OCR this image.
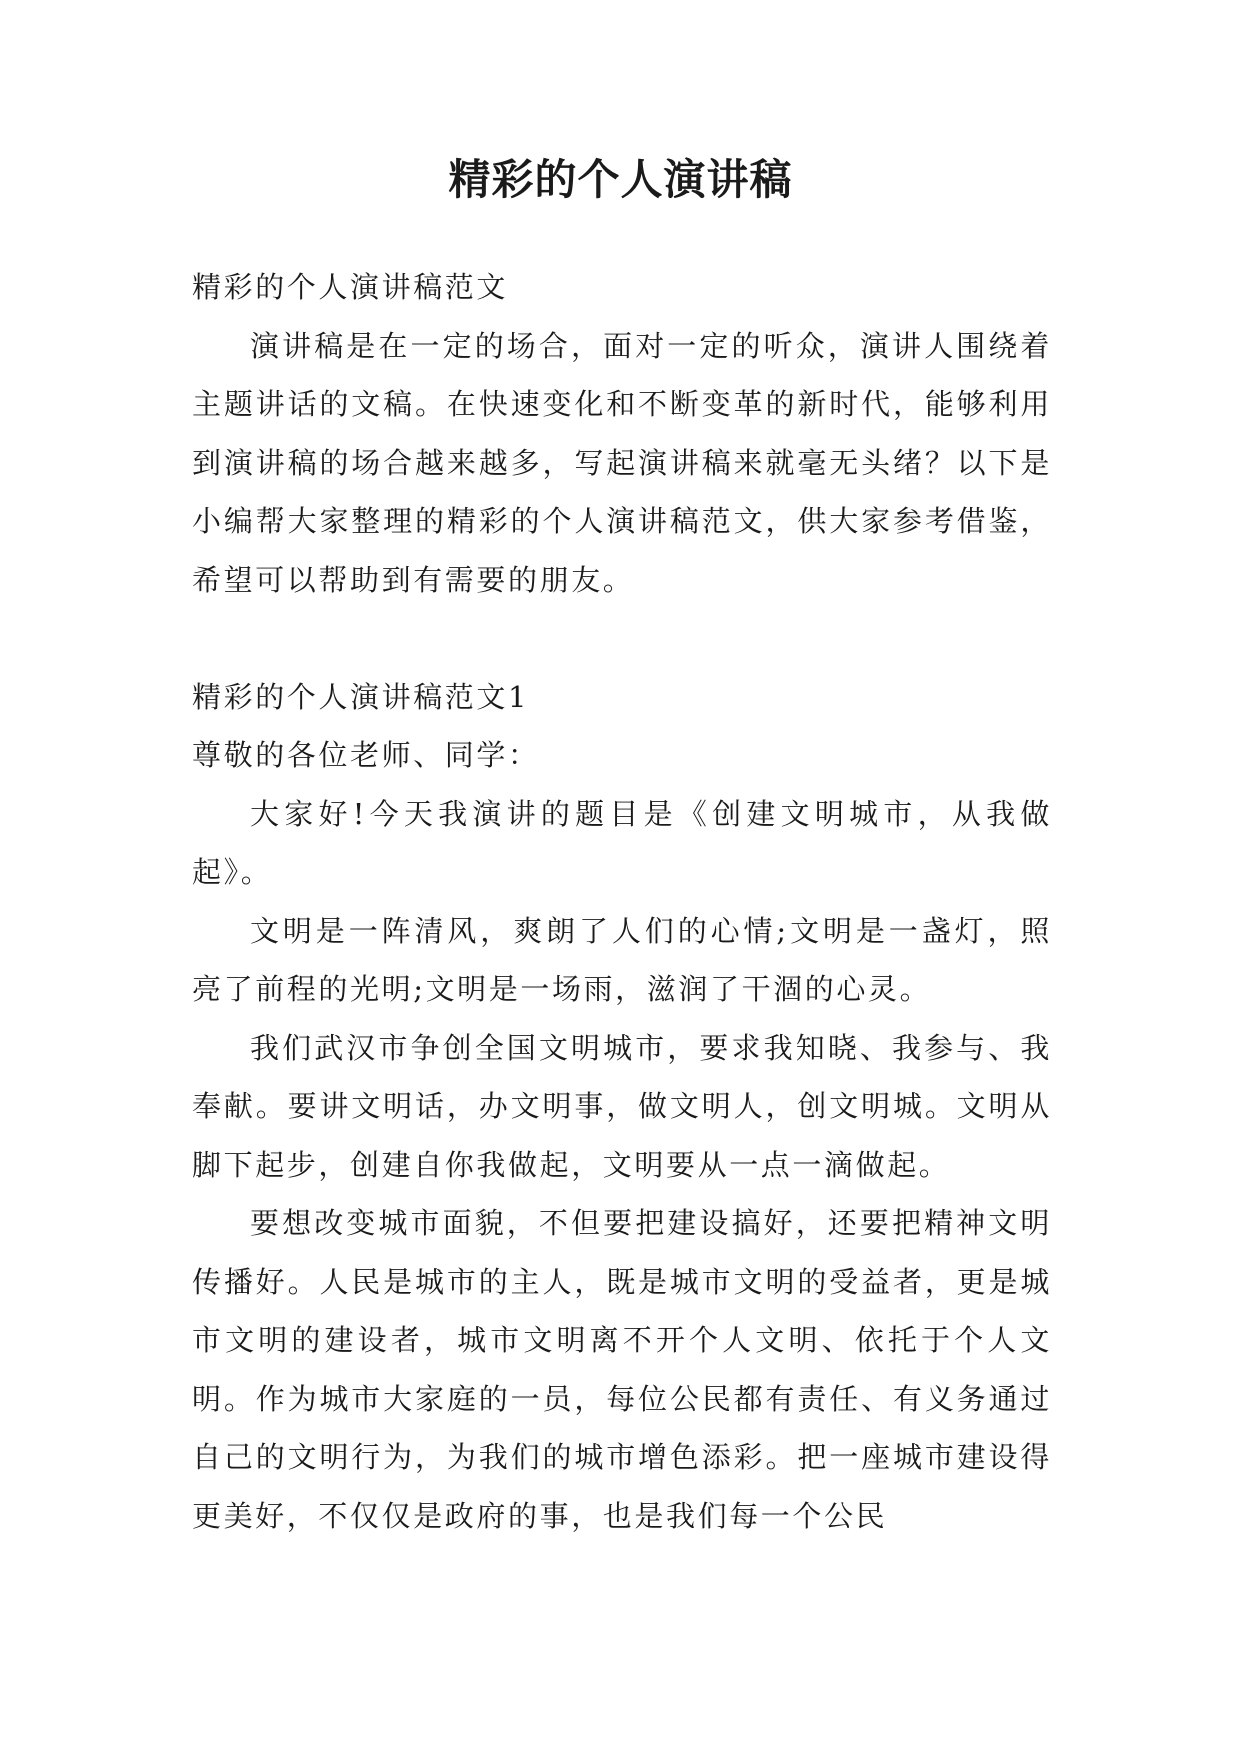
精彩的个人演讲稿

精彩的个人演讲稿范文

演讲稿是在一定的场合，面对一定的听众，演讲人围绕着主题讲话的文稿。在快速变化和不断变革的新时代，能够利用到演讲稿的场合越来越多，写起演讲稿来就毫无头绪？以下是小编帮大家整理的精彩的个人演讲稿范文，供大家参考借鉴，希望可以帮助到有需要的朋友。

精彩的个人演讲稿范文1

尊敬的各位老师、同学：

大家好!今天我演讲的题目是《创建文明城市，从我做起》。

文明是一阵清风，爽朗了人们的心情;文明是一盏灯，照亮了前程的光明;文明是一场雨，滋润了干涸的心灵。

我们武汉市争创全国文明城市，要求我知晓、我参与、我奉献。要讲文明话，办文明事，做文明人，创文明城。文明从脚下起步，创建自你我做起，文明要从一点一滴做起。

要想改变城市面貌，不但要把建设搞好，还要把精神文明传播好。人民是城市的主人，既是城市文明的受益者，更是城市文明的建设者，城市文明离不开个人文明、依托于个人文明。作为城市大家庭的一员，每位公民都有责任、有义务通过自己的文明行为，为我们的城市增色添彩。把一座城市建设得更美好，不仅仅是政府的事，也是我们每一个公民
